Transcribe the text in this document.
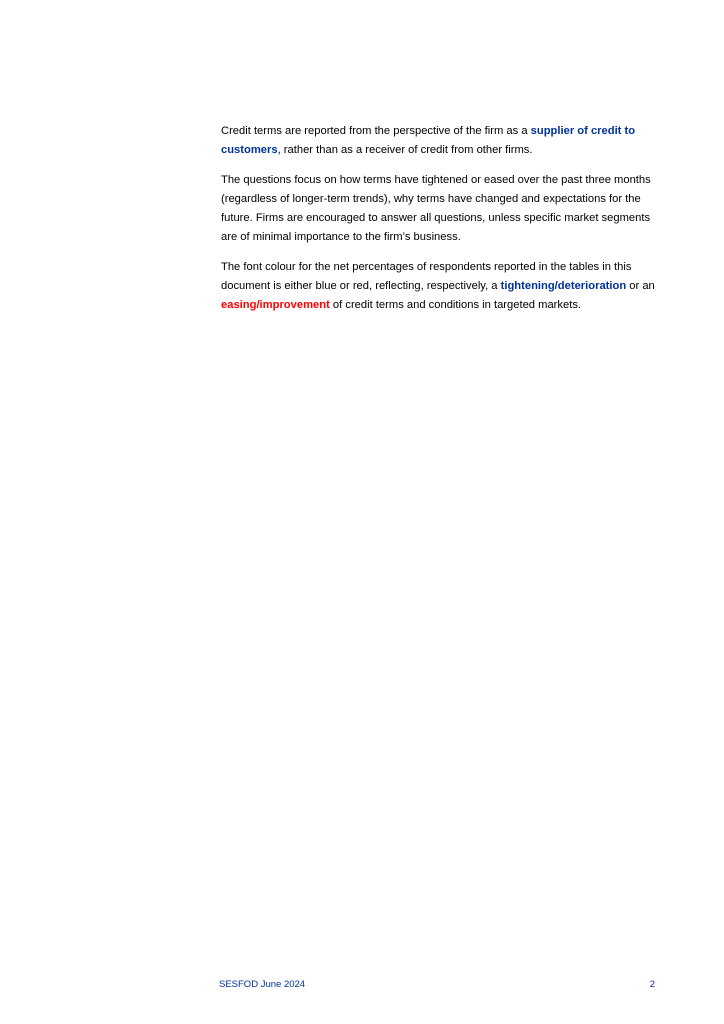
Credit terms are reported from the perspective of the firm as a supplier of credit to customers, rather than as a receiver of credit from other firms.

The questions focus on how terms have tightened or eased over the past three months (regardless of longer-term trends), why terms have changed and expectations for the future. Firms are encouraged to answer all questions, unless specific market segments are of minimal importance to the firm’s business.

The font colour for the net percentages of respondents reported in the tables in this document is either blue or red, reflecting, respectively, a tightening/deterioration or an easing/improvement of credit terms and conditions in targeted markets.

SESFOD June 2024	2
